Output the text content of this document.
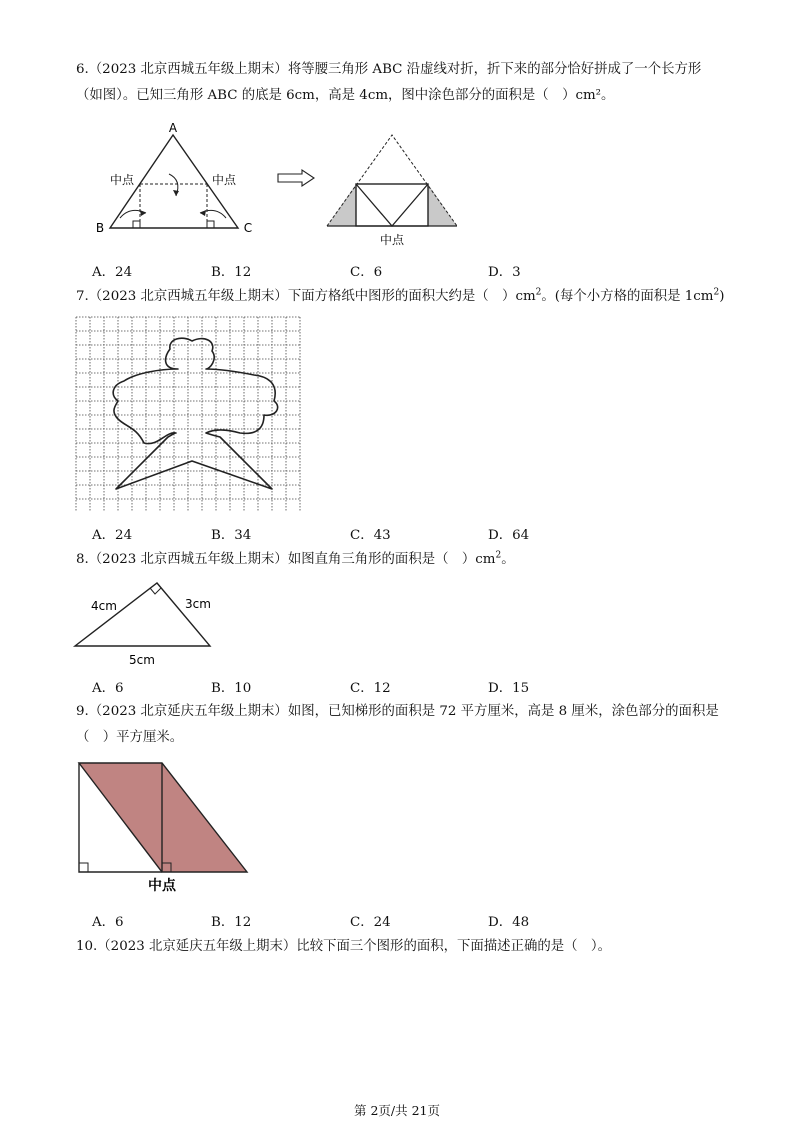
6.（2023 北京西城五年级上期末）将等腰三角形 ABC 沿虚线对折，折下来的部分恰好拼成了一个长方形（如图）。已知三角形 ABC 的底是 6cm，高是 4cm，图中涂色部分的面积是（　）cm²。

A
B	C
中点	中点
中点
A．24	B．12	C．6	D．3

7.（2023 北京西城五年级上期末）下面方格纸中图形的面积大约是（　）$cm^2$。(每个小方格的面积是 $1cm^2$)

A．24	B．34	C．43	D．64

8.（2023 北京西城五年级上期末）如图直角三角形的面积是（　）$cm^2$。

4cm	3cm
5cm
A．6	B．10	C．12	D．15

9.（2023 北京延庆五年级上期末）如图，已知梯形的面积是 72 平方厘米，高是 8 厘米，涂色部分的面积是（　）平方厘米。

中点
A．6	B．12	C．24	D．48

10.（2023 北京延庆五年级上期末）比较下面三个图形的面积，下面描述正确的是（　）。

第 2页/共 21页
